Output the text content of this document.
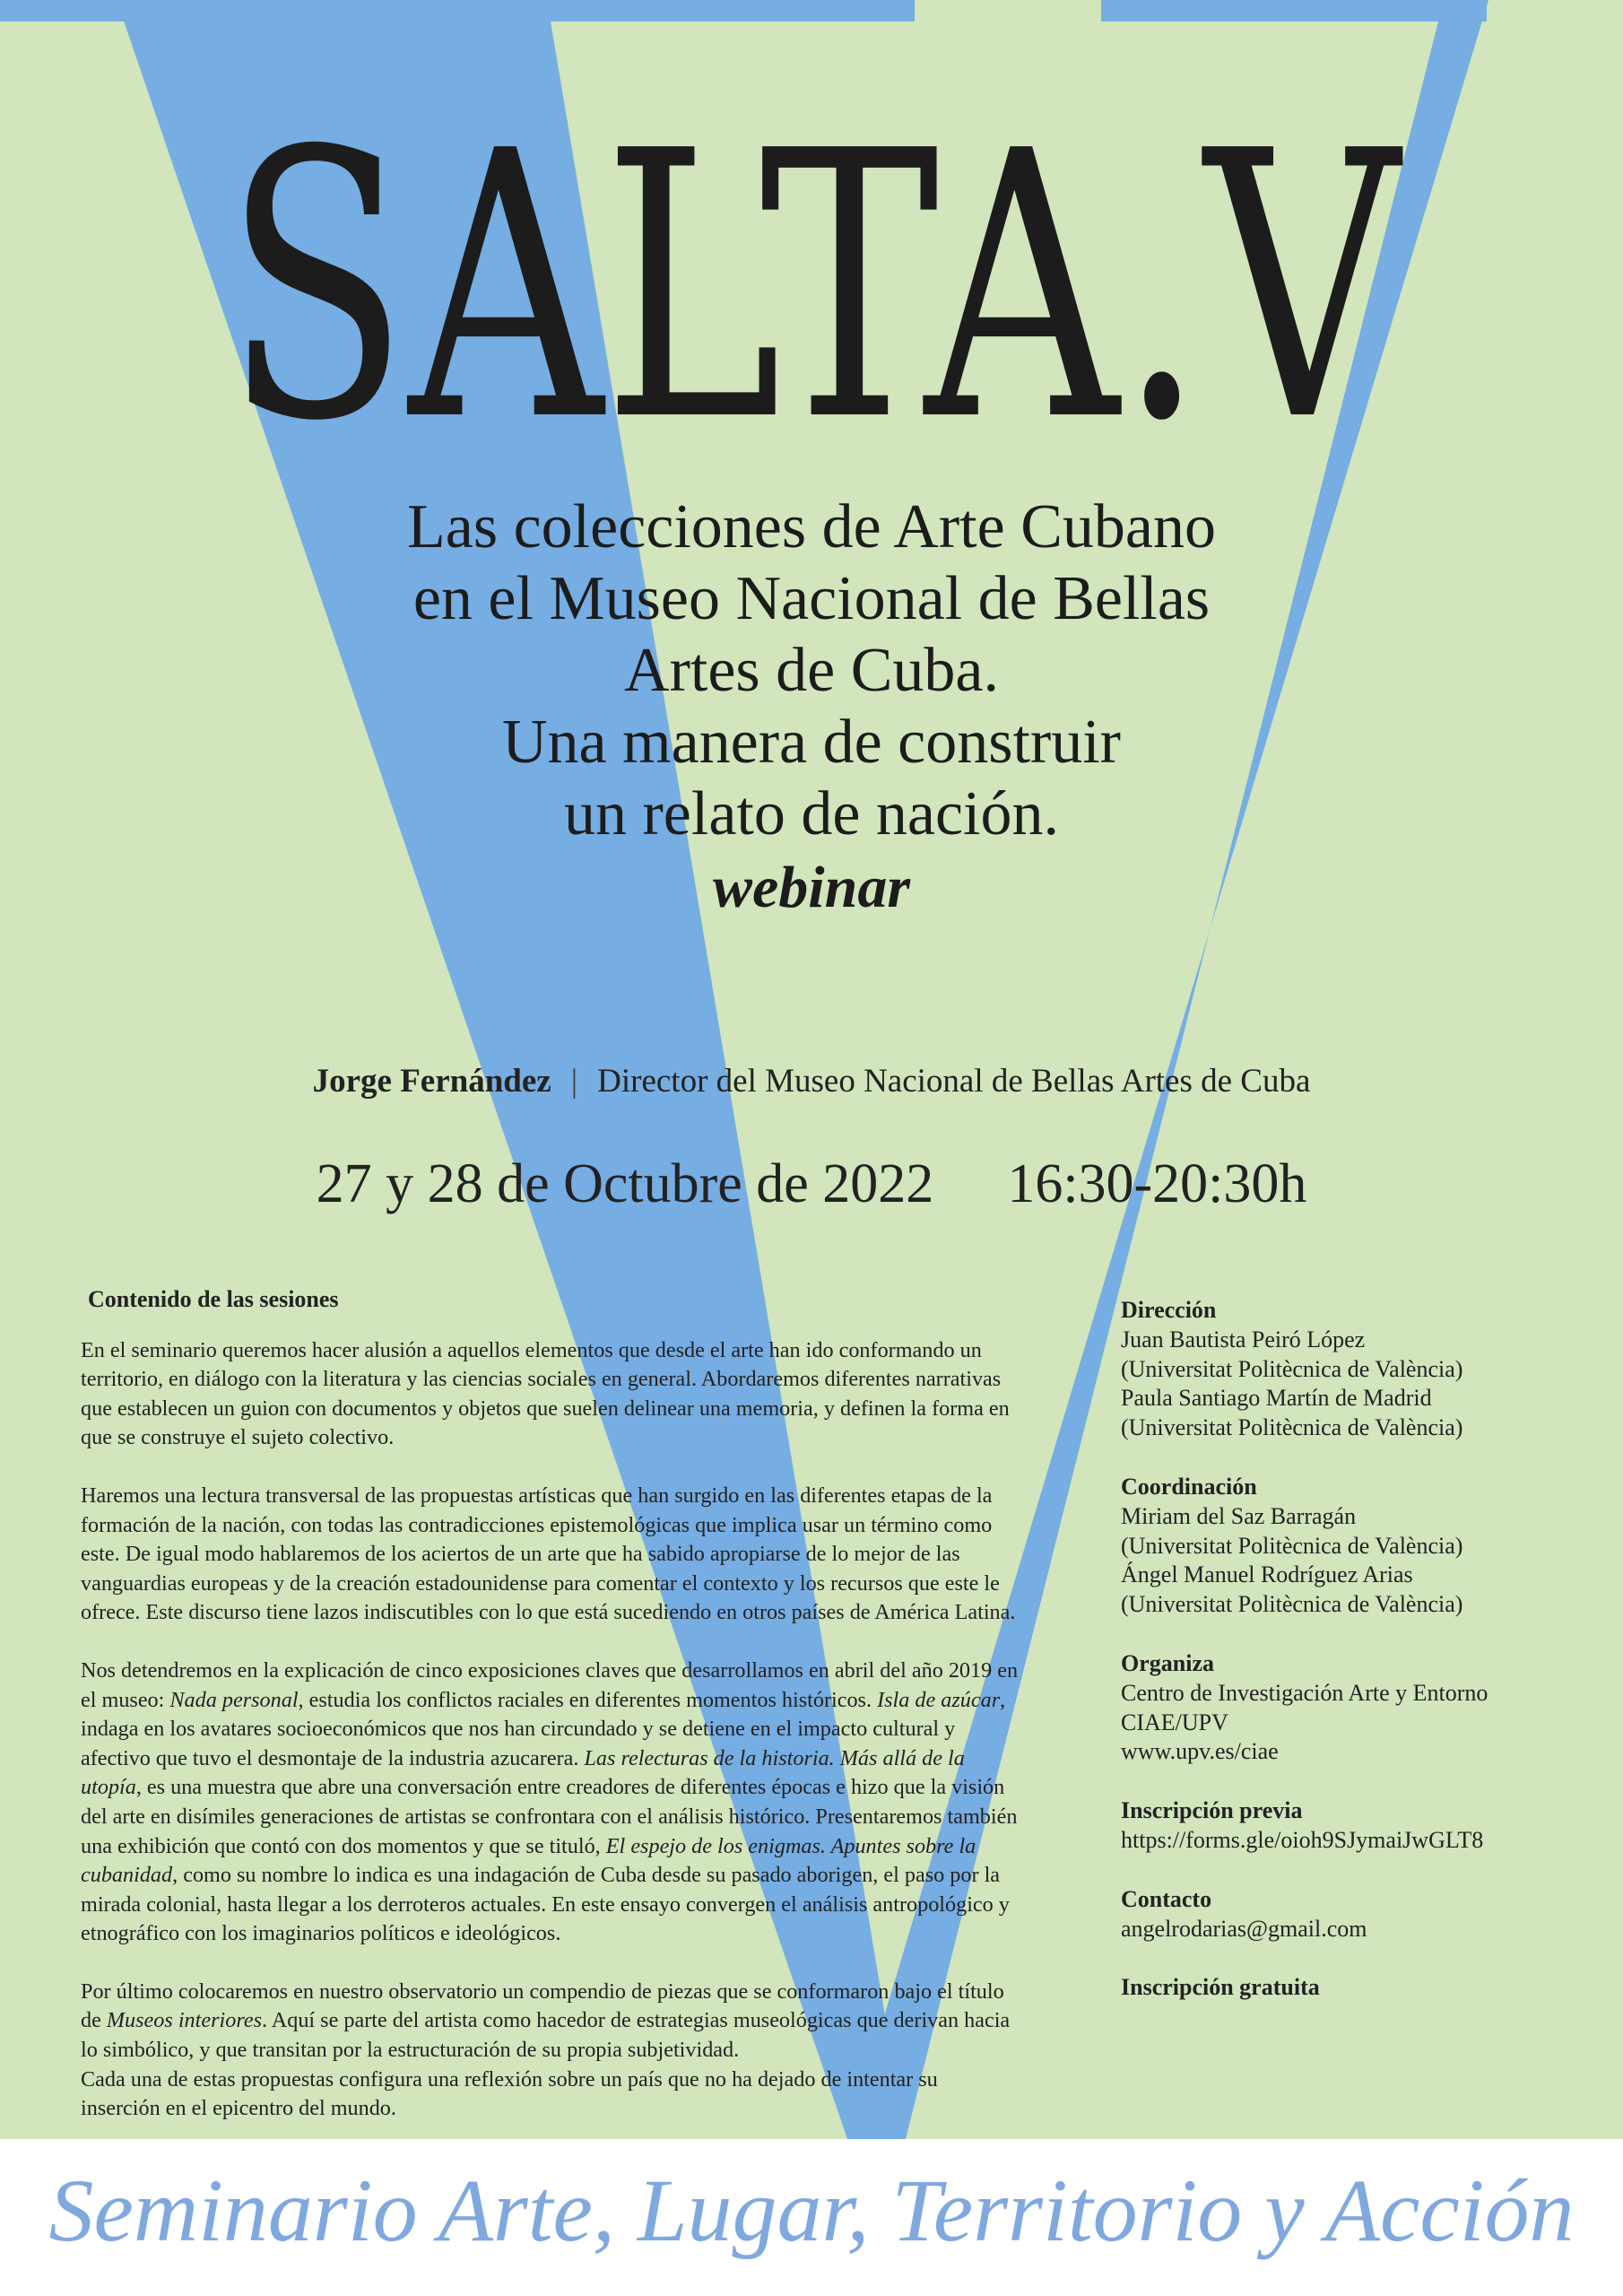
SALTA.V
Las colecciones de Arte Cubano
en el Museo Nacional de Bellas
Artes de Cuba.
Una manera de construir
un relato de nación.
webinar
Jorge Fernández | Director del Museo Nacional de Bellas Artes de Cuba
27 y 28 de Octubre de 2022 16:30-20:30h
Contenido de las sesiones

En el seminario queremos hacer alusión a aquellos elementos que desde el arte han ido conformando un territorio, en diálogo con la literatura y las ciencias sociales en general. Abordaremos diferentes narrativas que establecen un guion con documentos y objetos que suelen delinear una memoria, y definen la forma en que se construye el sujeto colectivo.

Haremos una lectura transversal de las propuestas artísticas que han surgido en las diferentes etapas de la formación de la nación, con todas las contradicciones epistemológicas que implica usar un término como este. De igual modo hablaremos de los aciertos de un arte que ha sabido apropiarse de lo mejor de las vanguardias europeas y de la creación estadounidense para comentar el contexto y los recursos que este le ofrece. Este discurso tiene lazos indiscutibles con lo que está sucediendo en otros países de América Latina.

Nos detendremos en la explicación de cinco exposiciones claves que desarrollamos en abril del año 2019 en el museo: Nada personal, estudia los conflictos raciales en diferentes momentos históricos. Isla de azúcar, indaga en los avatares socioeconómicos que nos han circundado y se detiene en el impacto cultural y afectivo que tuvo el desmontaje de la industria azucarera. Las relecturas de la historia. Más allá de la utopía, es una muestra que abre una conversación entre creadores de diferentes épocas e hizo que la visión del arte en disímiles generaciones de artistas se confrontara con el análisis histórico. Presentaremos también una exhibición que contó con dos momentos y que se tituló, El espejo de los enigmas. Apuntes sobre la cubanidad, como su nombre lo indica es una indagación de Cuba desde su pasado aborigen, el paso por la mirada colonial, hasta llegar a los derroteros actuales. En este ensayo convergen el análisis antropológico y etnográfico con los imaginarios políticos e ideológicos.

Por último colocaremos en nuestro observatorio un compendio de piezas que se conformaron bajo el título de Museos interiores. Aquí se parte del artista como hacedor de estrategias museológicas que derivan hacia lo simbólico, y que transitan por la estructuración de su propia subjetividad.
Cada una de estas propuestas configura una reflexión sobre un país que no ha dejado de intentar su inserción en el epicentro del mundo.

Dirección
Juan Bautista Peiró López
(Universitat Politècnica de València)
Paula Santiago Martín de Madrid
(Universitat Politècnica de València)
Coordinación
Miriam del Saz Barragán
(Universitat Politècnica de València)
Ángel Manuel Rodríguez Arias
(Universitat Politècnica de València)
Organiza
Centro de Investigación Arte y Entorno
CIAE/UPV
www.upv.es/ciae
Inscripción previa
https://forms.gle/oioh9SJymaiJwGLT8
Contacto
angelrodarias@gmail.com
Inscripción gratuita
Seminario Arte, Lugar, Territorio y Acción
